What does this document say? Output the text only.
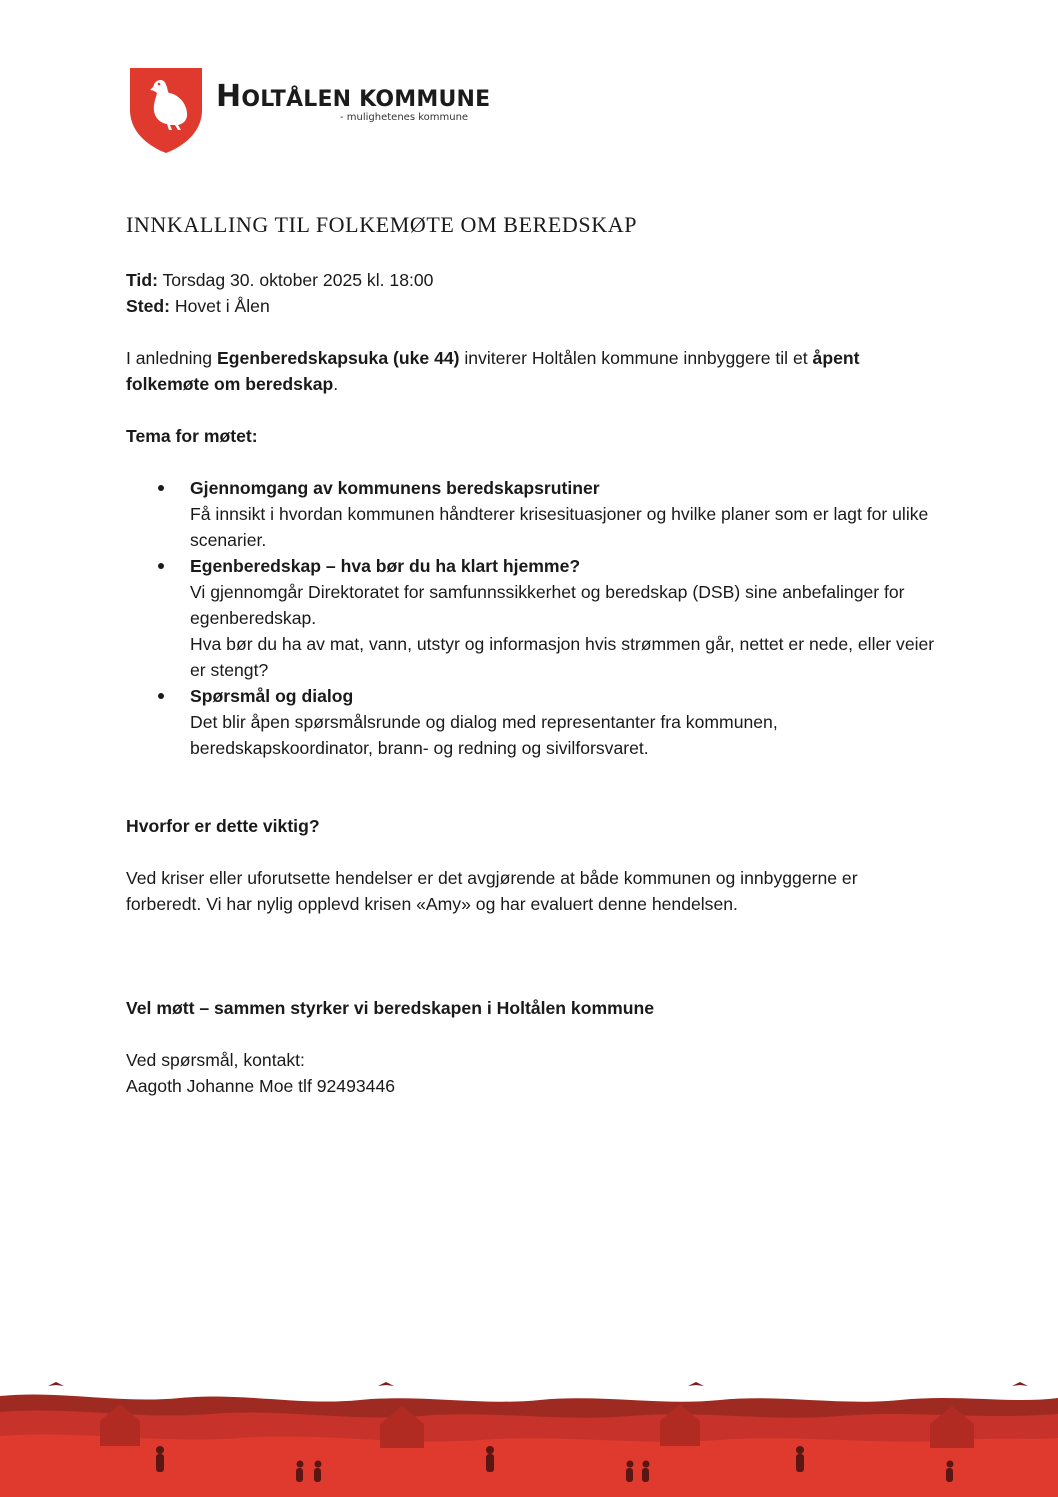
HOLTÅLEN KOMMUNE
- mulighetenes kommune
INNKALLING TIL FOLKEMØTE OM BEREDSKAP

Tid: Torsdag 30. oktober 2025 kl. 18:00

Sted: Hovet i Ålen

I anledning Egenberedskapsuka (uke 44) inviterer Holtålen kommune innbyggere til et åpent folkemøte om beredskap.

Tema for møtet:

Gjennomgang av kommunens beredskapsrutiner
Få innsikt i hvordan kommunen håndterer krisesituasjoner og hvilke planer som er lagt for ulike scenarier.
Egenberedskap – hva bør du ha klart hjemme?
Vi gjennomgår Direktoratet for samfunnssikkerhet og beredskap (DSB) sine anbefalinger for egenberedskap.
Hva bør du ha av mat, vann, utstyr og informasjon hvis strømmen går, nettet er nede, eller veier er stengt?
Spørsmål og dialog
Det blir åpen spørsmålsrunde og dialog med representanter fra kommunen, beredskapskoordinator, brann- og redning og sivilforsvaret.

Hvorfor er dette viktig?

Ved kriser eller uforutsette hendelser er det avgjørende at både kommunen og innbyggerne er forberedt. Vi har nylig opplevd krisen «Amy» og har evaluert denne hendelsen.

Vel møtt – sammen styrker vi beredskapen i Holtålen kommune

Ved spørsmål, kontakt:

Aagoth Johanne Moe tlf 92493446
